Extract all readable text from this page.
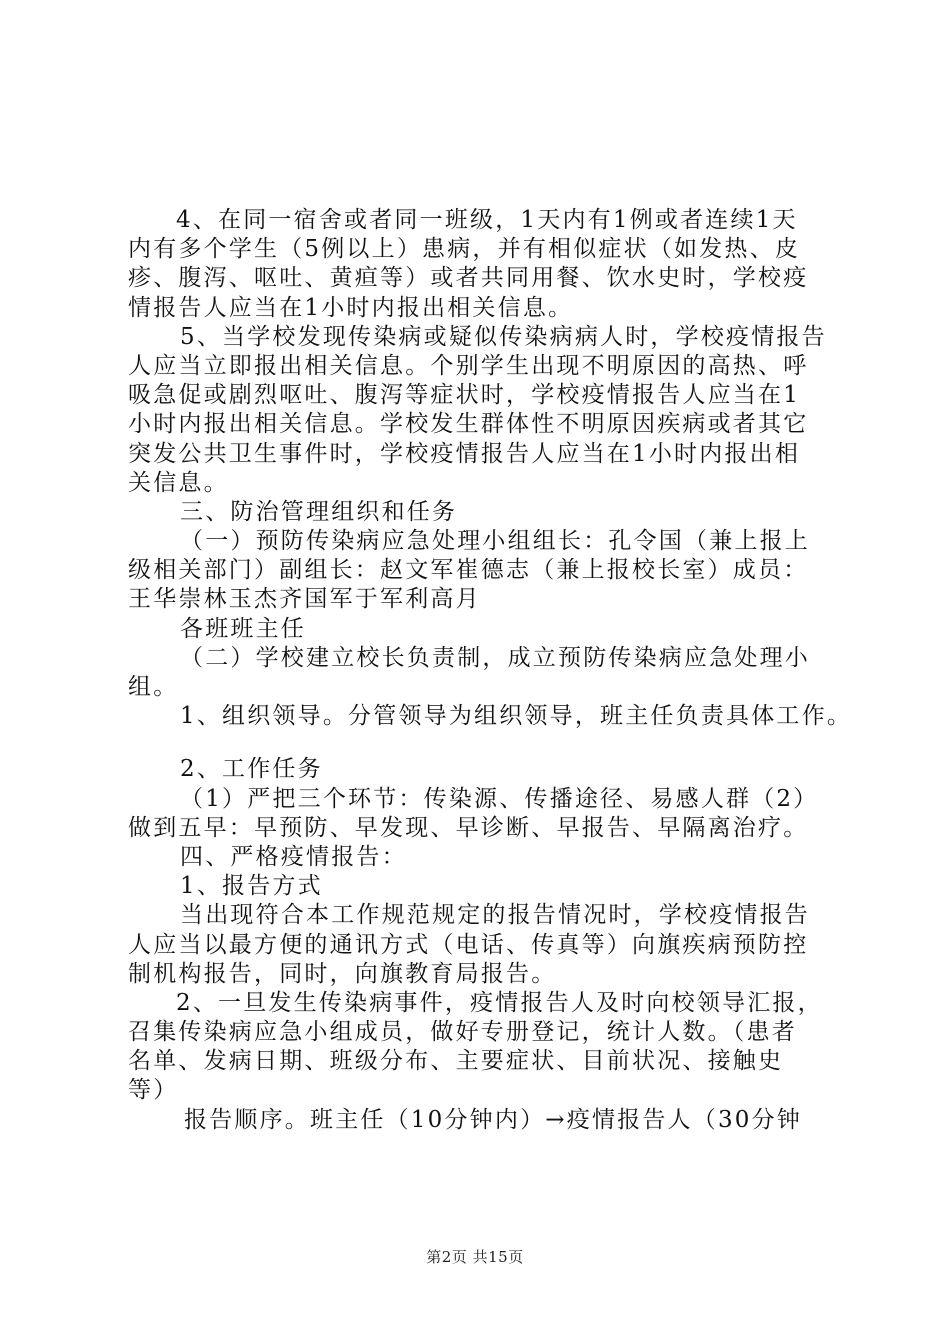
4、在同一宿舍或者同一班级，1天内有1例或者连续1天
内有多个学生（5例以上）患病，并有相似症状（如发热、皮
疹、腹泻、呕吐、黄疸等）或者共同用餐、饮水史时，学校疫
情报告人应当在1小时内报出相关信息。
5、当学校发现传染病或疑似传染病病人时，学校疫情报告
人应当立即报出相关信息。个别学生出现不明原因的高热、呼
吸急促或剧烈呕吐、腹泻等症状时，学校疫情报告人应当在1
小时内报出相关信息。学校发生群体性不明原因疾病或者其它
突发公共卫生事件时，学校疫情报告人应当在1小时内报出相
关信息。
三、防治管理组织和任务
（一）预防传染病应急处理小组组长：孔令国（兼上报上
级相关部门）副组长：赵文军崔德志（兼上报校长室）成员：
王华崇林玉杰齐国军于军利高月
各班班主任
（二）学校建立校长负责制，成立预防传染病应急处理小
组。
1、组织领导。分管领导为组织领导，班主任负责具体工作。
2、工作任务
（1）严把三个环节：传染源、传播途径、易感人群（2）
做到五早：早预防、早发现、早诊断、早报告、早隔离治疗。
四、严格疫情报告：
1、报告方式
当出现符合本工作规范规定的报告情况时，学校疫情报告
人应当以最方便的通讯方式（电话、传真等）向旗疾病预防控
制机构报告，同时，向旗教育局报告。
2、一旦发生传染病事件，疫情报告人及时向校领导汇报，
召集传染病应急小组成员，做好专册登记，统计人数。（患者
名单、发病日期、班级分布、主要症状、目前状况、接触史
等）
报告顺序。班主任（10分钟内）→疫情报告人（30分钟
第2页 共15页
